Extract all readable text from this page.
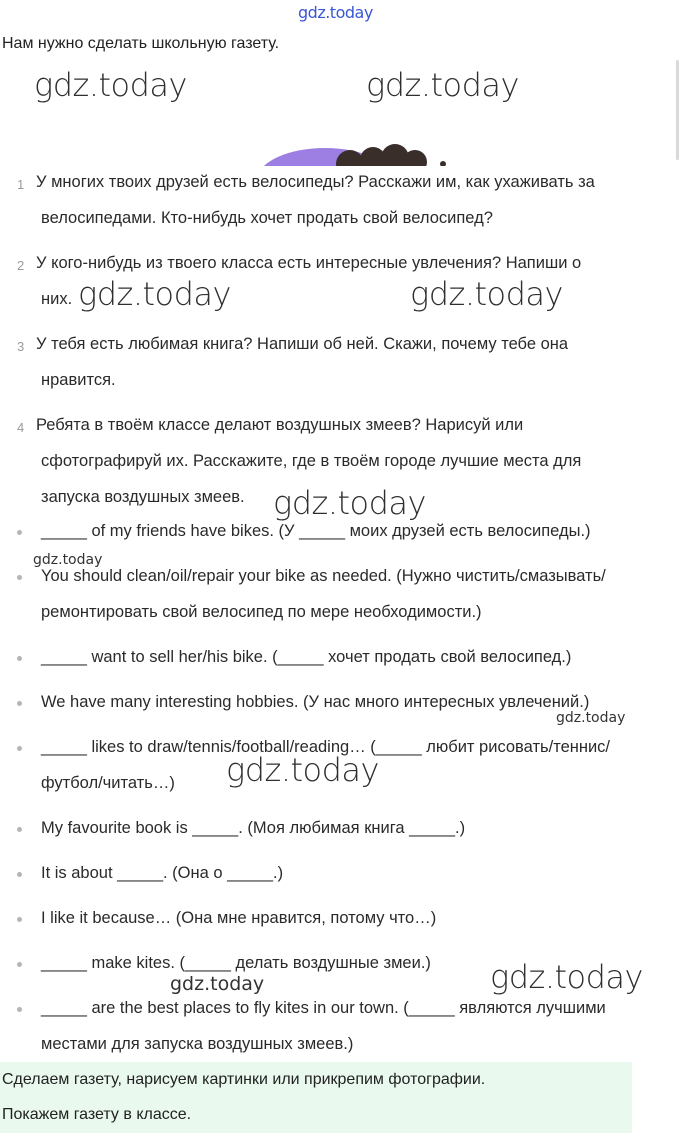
gdz.today
Нам нужно сделать школьную газету.
gdz.today	gdz.today
1 У многих твоих друзей есть велосипеды? Расскажи им, как ухаживать за
велосипедами. Кто-нибудь хочет продать свой велосипед?
2 У кого-нибудь из твоего класса есть интересные увлечения? Напиши о
них. gdz.today	gdz.today
3 У тебя есть любимая книга? Напиши об ней. Скажи, почему тебе она
нравится.
4 Ребята в твоём классе делают воздушных змеев? Нарисуй или
сфотографируй их. Расскажите, где в твоём городе лучшие места для
запуска воздушных змеев. gdz.today
_____ of my friends have bikes. (У _____ моих друзей есть велосипеды.)
gdz.today
You should clean/oil/repair your bike as needed. (Нужно чистить/смазывать/
ремонтировать свой велосипед по мере необходимости.)
_____ want to sell her/his bike. (_____ хочет продать свой велосипед.)
We have many interesting hobbies. (У нас много интересных увлечений.)
gdz.today
_____ likes to draw/tennis/football/reading… (_____ любит рисовать/теннис/
футбол/читать…) gdz.today
My favourite book is _____. (Моя любимая книга _____.)
It is about _____. (Она о _____.)
I like it because… (Она мне нравится, потому что…)
_____ make kites. (_____ делать воздушные змеи.)
gdz.today	gdz.today
_____ are the best places to fly kites in our town. (_____ являются лучшими
местами для запуска воздушных змеев.)
Сделаем газету, нарисуем картинки или прикрепим фотографии.
Покажем газету в классе.
